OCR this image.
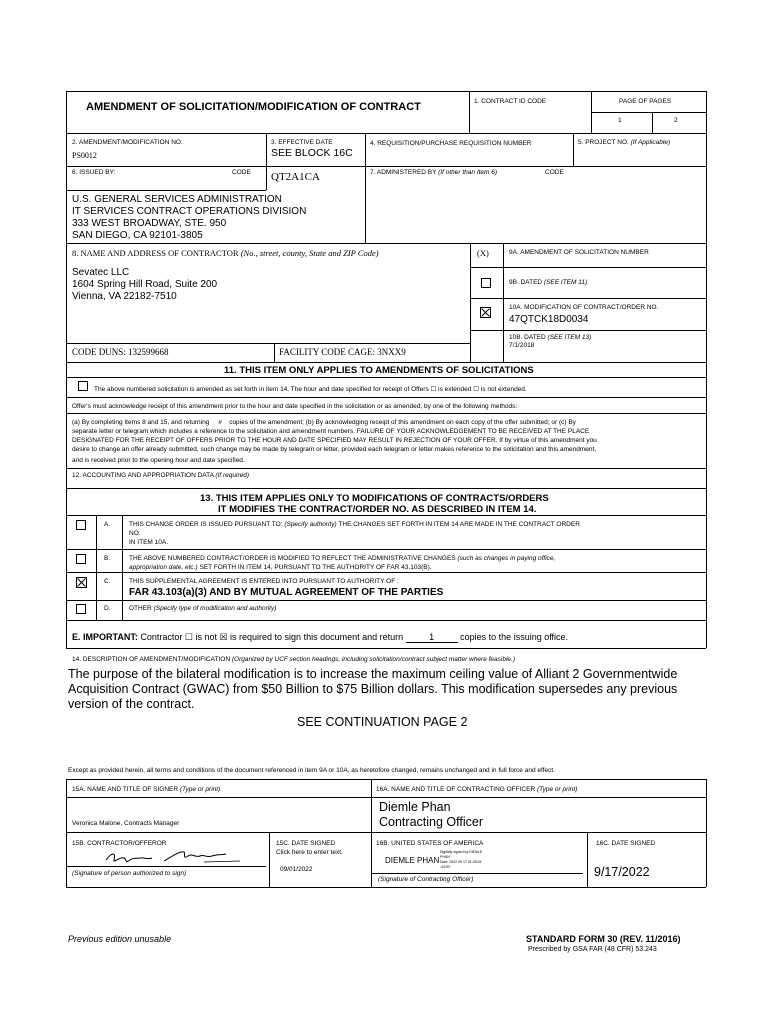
AMENDMENT OF SOLICITATION/MODIFICATION OF CONTRACT	1. CONTRACT ID CODE	PAGE OF PAGES
1	2
2. AMENDMENT/MODIFICATION NO.
PS0012
3. EFFECTIVE DATE
SEE BLOCK 16C
4. REQUISITION/PURCHASE REQUISITION NUMBER	5. PROJECT NO. (If Applicable)
6. ISSUED BY:	CODE QT2A1CA	7. ADMINISTERED BY (If other than Item 6)	CODE
U.S. GENERAL SERVICES ADMINISTRATION
IT SERVICES CONTRACT OPERATIONS DIVISION
333 WEST BROADWAY, STE. 950
SAN DIEGO, CA 92101-3805
8. NAME AND ADDRESS OF CONTRACTOR (No., street, county, State and ZIP Code)	(X)
Sevatec LLC
1604 Spring Hill Road, Suite 200
Vienna, VA 22182-7510
CODE DUNS: 132599668	FACILITY CODE CAGE: 3NXX9
9A. AMENDMENT OF SOLICITATION NUMBER
9B. DATED (SEE ITEM 11)
10A. MODIFICATION OF CONTRACT/ORDER NO.
47QTCK18D0034
10B. DATED (SEE ITEM 13)
7/1/2018
11. THIS ITEM ONLY APPLIES TO AMENDMENTS OF SOLICITATIONS
The above numbered solicitation is amended as set forth in item 14. The hour and date specified for receipt of Offers ☐ is extended ☐ is not extended.
Offer's must acknowledge receipt of this amendment prior to the hour and date specified in the solicitation or as amended, by one of the following methods:
(a) By completing Items 8 and 15, and returning # copies of the amendment; (b) By acknowledging receipt of this amendment on each copy of the offer submitted; or (c) By
separate letter or telegram which includes a reference to the solicitation and amendment numbers. FAILURE OF YOUR ACKNOWLEDGEMENT TO BE RECEIVED AT THE PLACE
DESIGNATED FOR THE RECEIPT OF OFFERS PRIOR TO THE HOUR AND DATE SPECIFIED MAY RESULT IN REJECTION OF YOUR OFFER. If by virtue of this amendment you
desire to change an offer already submitted, such change may be made by telegram or letter, provided each telegram or letter makes reference to the solicitation and this amendment,
and is received prior to the opening hour and date specified.
12. ACCOUNTING AND APPROPRIATION DATA (If required)
13. THIS ITEM APPLIES ONLY TO MODIFICATIONS OF CONTRACTS/ORDERS
IT MODIFIES THE CONTRACT/ORDER NO. AS DESCRIBED IN ITEM 14.
A.	THIS CHANGE ORDER IS ISSUED PURSUANT TO: (Specify authority) THE CHANGES SET FORTH IN ITEM 14 ARE MADE IN THE CONTRACT ORDER
NO.
IN ITEM 10A.
B.	THE ABOVE NUMBERED CONTRACT/ORDER IS MODIFIED TO REFLECT THE ADMINISTRATIVE CHANGES (such as changes in paying office,
appropriation date, etc.) SET FORTH IN ITEM 14, PURSUANT TO THE AUTHORITY OF FAR 43.103(B).
C.	THIS SUPPLEMENTAL AGREEMENT IS ENTERED INTO PURSUANT TO AUTHORITY OF :
FAR 43.103(a)(3) AND BY MUTUAL AGREEMENT OF THE PARTIES
D.	OTHER (Specify type of modification and authority)
E. IMPORTANT: Contractor ☐ is not ☒ is required to sign this document and return	1	copies to the issuing office.
14. DESCRIPTION OF AMENDMENT/MODIFICATION (Organized by UCF section headings, including solicitation/contract subject matter where feasible.)
The purpose of the bilateral modification is to increase the maximum ceiling value of Alliant 2 Governmentwide
Acquisition Contract (GWAC) from $50 Billion to $75 Billion dollars. This modification supersedes any previous
version of the contract.
SEE CONTINUATION PAGE 2
Except as provided herein, all terms and conditions of the document referenced in item 9A or 10A, as heretofore changed, remains unchanged and in full force and effect.
15A. NAME AND TITLE OF SIGNER (Type or print)	16A. NAME AND TITLE OF CONTRACTING OFFICER (Type or print)
Veronica Malone, Contracts Manager
Diemle Phan
Contracting Officer
15B. CONTRACTOR/OFFEROR
(Signature of person authorized to sign)
15C. DATE SIGNED
Click here to enter text.
09/01/2022
16B. UNITED STATES OF AMERICA
DIEMLE PHAN
Digitally signed by DIEMLE
PHAN
Date: 2022.09.17 01:28:26
-04'00'
(Signature of Contracting Officer)
16C. DATE SIGNED
9/17/2022
Previous edition unusable	STANDARD FORM 30 (REV. 11/2016)
Prescribed by GSA FAR (48 CFR) 53.243
